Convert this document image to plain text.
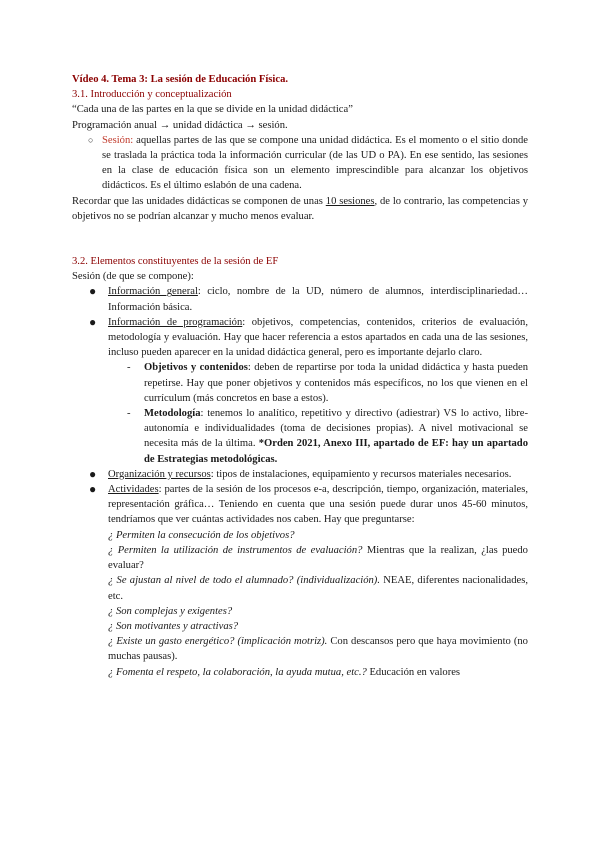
Vídeo 4. Tema 3: La sesión de Educación Física.

3.1. Introducción y conceptualización

“Cada una de las partes en la que se divide en la unidad didáctica”

Programación anual → unidad didáctica → sesión.

○ Sesión: aquellas partes de las que se compone una unidad didáctica. Es el momento o el sitio donde se traslada la práctica toda la información curricular (de las UD o PA). En ese sentido, las sesiones en la clase de educación física son un elemento imprescindible para alcanzar los objetivos didácticos. Es el último eslabón de una cadena.

Recordar que las unidades didácticas se componen de unas 10 sesiones, de lo contrario, las competencias y objetivos no se podrían alcanzar y mucho menos evaluar.

3.2. Elementos constituyentes de la sesión de EF

Sesión (de que se compone):

● Información general: ciclo, nombre de la UD, número de alumnos, interdisciplinariedad… Información básica.
● Información de programación: objetivos, competencias, contenidos, criterios de evaluación, metodología y evaluación. Hay que hacer referencia a estos apartados en cada una de las sesiones, incluso pueden aparecer en la unidad didáctica general, pero es importante dejarlo claro.
- Objetivos y contenidos: deben de repartirse por toda la unidad didáctica y hasta pueden repetirse. Hay que poner objetivos y contenidos más específicos, no los que vienen en el currículum (más concretos en base a estos).
- Metodología: tenemos lo analítico, repetitivo y directivo (adiestrar) VS lo activo, libre-autonomía e individualidades (toma de decisiones propias). A nivel motivacional se necesita más de la última. *Orden 2021, Anexo III, apartado de EF: hay un apartado de Estrategias metodológicas.
● Organización y recursos: tipos de instalaciones, equipamiento y recursos materiales necesarios.
● Actividades: partes de la sesión de los procesos e-a, descripción, tiempo, organización, materiales, representación gráfica… Teniendo en cuenta que una sesión puede durar unos 45-60 minutos, tendríamos que ver cuántas actividades nos caben. Hay que preguntarse:

¿ Permiten la consecución de los objetivos?

¿ Permiten la utilización de instrumentos de evaluación? Mientras que la realizan, ¿las puedo evaluar?

¿ Se ajustan al nivel de todo el alumnado? (individualización). NEAE, diferentes nacionalidades, etc.

¿ Son complejas y exigentes?

¿ Son motivantes y atractivas?

¿ Existe un gasto energético? (implicación motriz). Con descansos pero que haya movimiento (no muchas pausas).

¿ Fomenta el respeto, la colaboración, la ayuda mutua, etc.? Educación en valores
